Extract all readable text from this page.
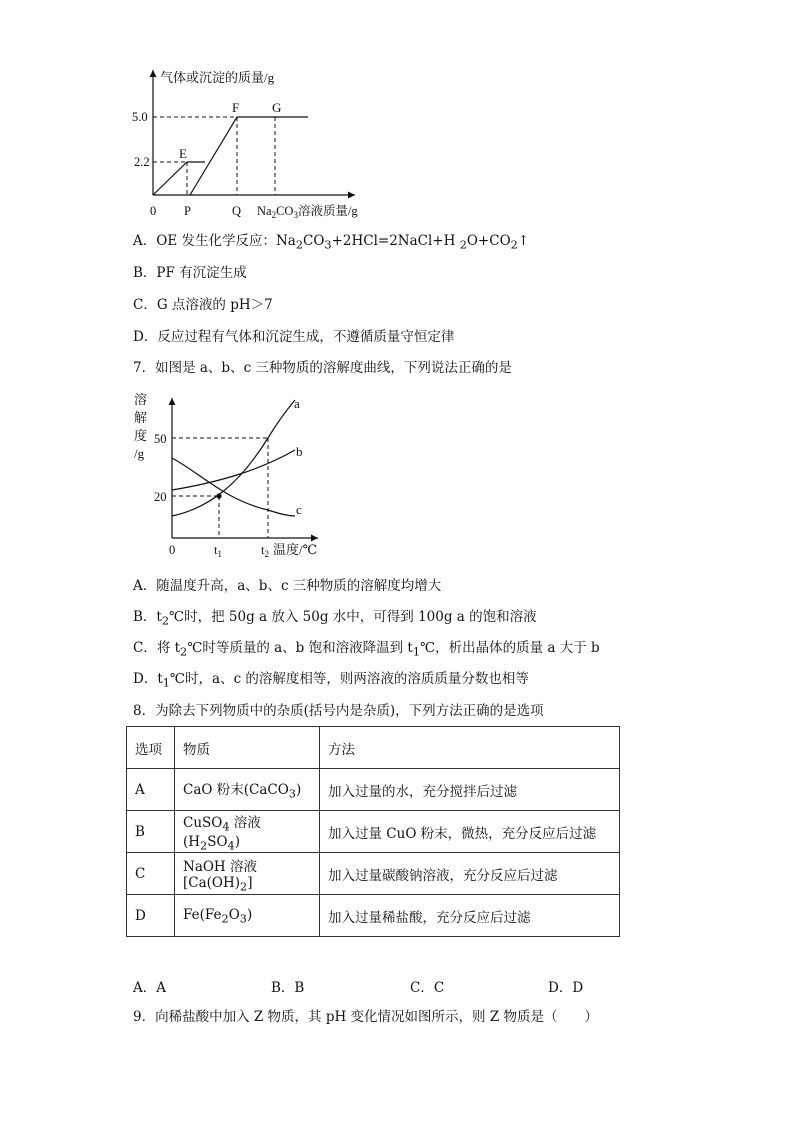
气体或沉淀的质量/g
5.0
2.2
E
F	G
0 P	Q $Na_2CO_3$溶液质量/g
A．OE 发生化学反应：$Na_2CO_3+2HCl=2NaCl+H$ $_2O+CO_2↑$
B．PF 有沉淀生成
C．G 点溶液的 pH＞7
D．反应过程有气体和沉淀生成，不遵循质量守恒定律
7．如图是 a、b、c 三种物质的溶解度曲线，下列说法正确的是
溶
解
度
/g
50
20
a
b
c
0	$t_1$	$t_2$ 温度/℃
A．随温度升高，a、b、c 三种物质的溶解度均增大
B．$t_2℃$时，把 50g a 放入 50g 水中，可得到 100g a 的饱和溶液
C．将 $t_2℃$时等质量的 a、b 饱和溶液降温到 $t_1℃$，析出晶体的质量 a 大于 b
D．$t_1℃$时，a、c 的溶解度相等，则两溶液的溶质质量分数也相等
8．为除去下列物质中的杂质(括号内是杂质)，下列方法正确的是选项
选项	物质	方法
A	CaO 粉末(CaCO$_3$)	加入过量的水，充分搅拌后过滤
B	CuSO$_4$ 溶液$(H_2SO_4)$	加入过量 CuO 粉末，微热，充分反应后过滤
C	NaOH 溶液$[Ca(OH)_2]$	加入过量碳酸钠溶液，充分反应后过滤
D	$Fe(Fe_2O_3)$	加入过量稀盐酸，充分反应后过滤
A．A	B．B	C．C	D．D
9．向稀盐酸中加入 Z 物质，其 pH 变化情况如图所示，则 Z 物质是（　　）
